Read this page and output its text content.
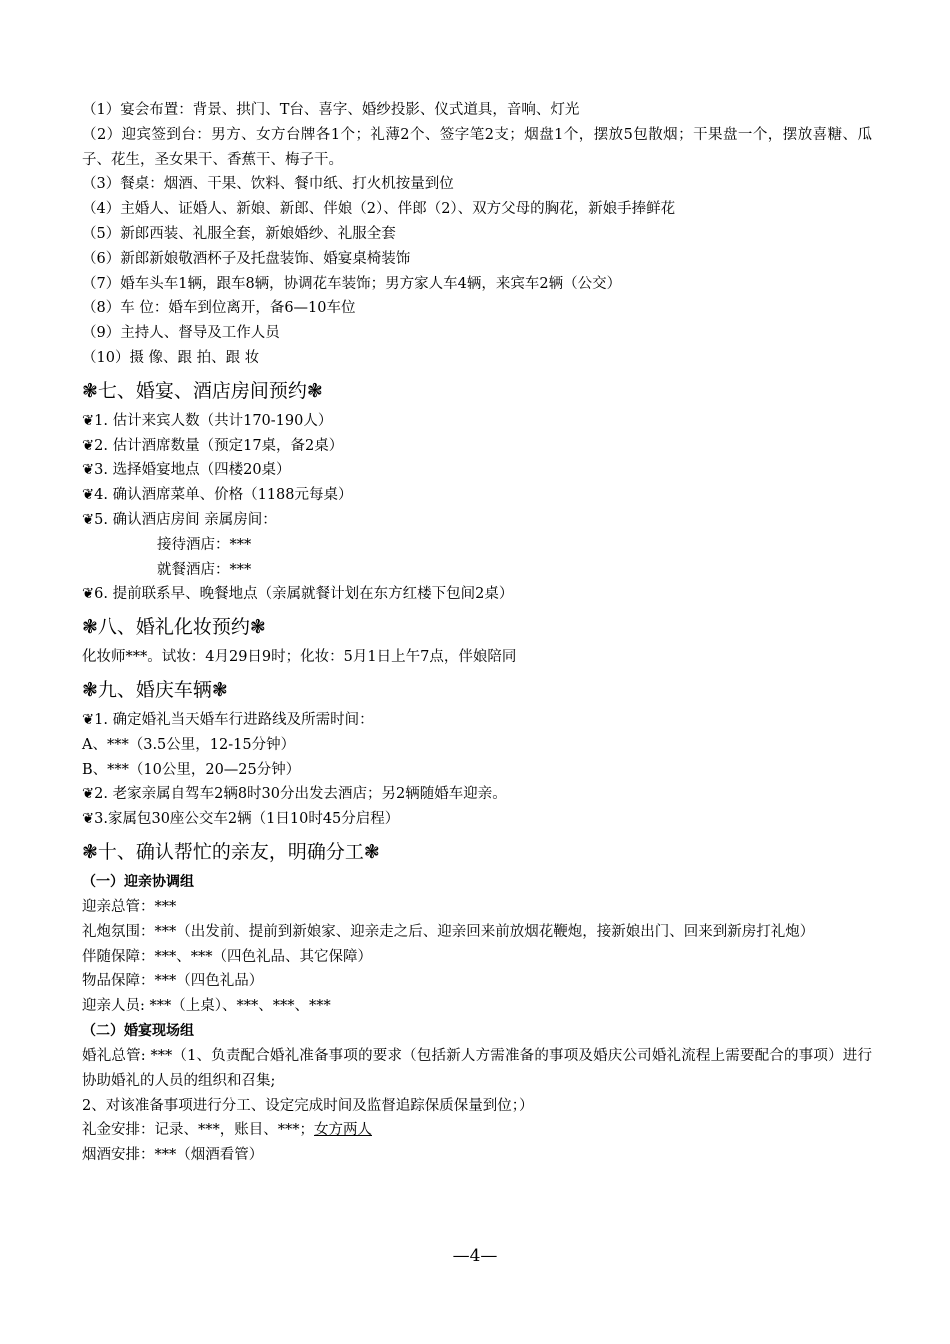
（1）宴会布置：背景、拱门、T台、喜字、婚纱投影、仪式道具，音响、灯光
（2）迎宾签到台：男方、女方台牌各1个；礼薄2个、签字笔2支；烟盘1个，摆放5包散烟；干果盘一个，摆放喜糖、瓜子、花生，圣女果干、香蕉干、梅子干。
（3）餐桌：烟酒、干果、饮料、餐巾纸、打火机按量到位
（4）主婚人、证婚人、新娘、新郎、伴娘（2）、伴郎（2）、双方父母的胸花，新娘手捧鲜花
（5）新郎西装、礼服全套，新娘婚纱、礼服全套
（6）新郎新娘敬酒杯子及托盘装饰、婚宴桌椅装饰
（7）婚车头车1辆，跟车8辆，协调花车装饰；男方家人车4辆，来宾车2辆（公交）
（8）车 位：婚车到位离开，备6—10车位
（9）主持人、督导及工作人员
（10）摄 像、跟 拍、跟 妆
❃七、婚宴、酒店房间预约❃
❦1. 估计来宾人数（共计170-190人）
❦2. 估计酒席数量（预定17桌，备2桌）
❦3. 选择婚宴地点（四楼20桌）
❦4. 确认酒席菜单、价格（1188元每桌）
❦5. 确认酒店房间 亲属房间：
接待酒店：***
就餐酒店：***
❦6. 提前联系早、晚餐地点（亲属就餐计划在东方红楼下包间2桌）
❃八、婚礼化妆预约❃
化妆师***。试妆：4月29日9时；化妆：5月1日上午7点，伴娘陪同
❃九、婚庆车辆❃
❦1. 确定婚礼当天婚车行进路线及所需时间：
A、***（3.5公里，12-15分钟）
B、***（10公里，20—25分钟）
❦2. 老家亲属自驾车2辆8时30分出发去酒店；另2辆随婚车迎亲。
❦3.家属包30座公交车2辆（1日10时45分启程）
❃十、确认帮忙的亲友，明确分工❃
（一）迎亲协调组
迎亲总管：***
礼炮氛围：***（出发前、提前到新娘家、迎亲走之后、迎亲回来前放烟花鞭炮，接新娘出门、回来到新房打礼炮）
伴随保障：***、***（四色礼品、其它保障）
物品保障：***（四色礼品）
迎亲人员: ***（上桌）、***、***、***
（二）婚宴现场组
婚礼总管: ***（1、负责配合婚礼准备事项的要求（包括新人方需准备的事项及婚庆公司婚礼流程上需要配合的事项）进行协助婚礼的人员的组织和召集;
2、对该准备事项进行分工、设定完成时间及监督追踪保质保量到位；）
礼金安排：记录、***，账目、***；女方两人
烟酒安排：***（烟酒看管）
—4—
